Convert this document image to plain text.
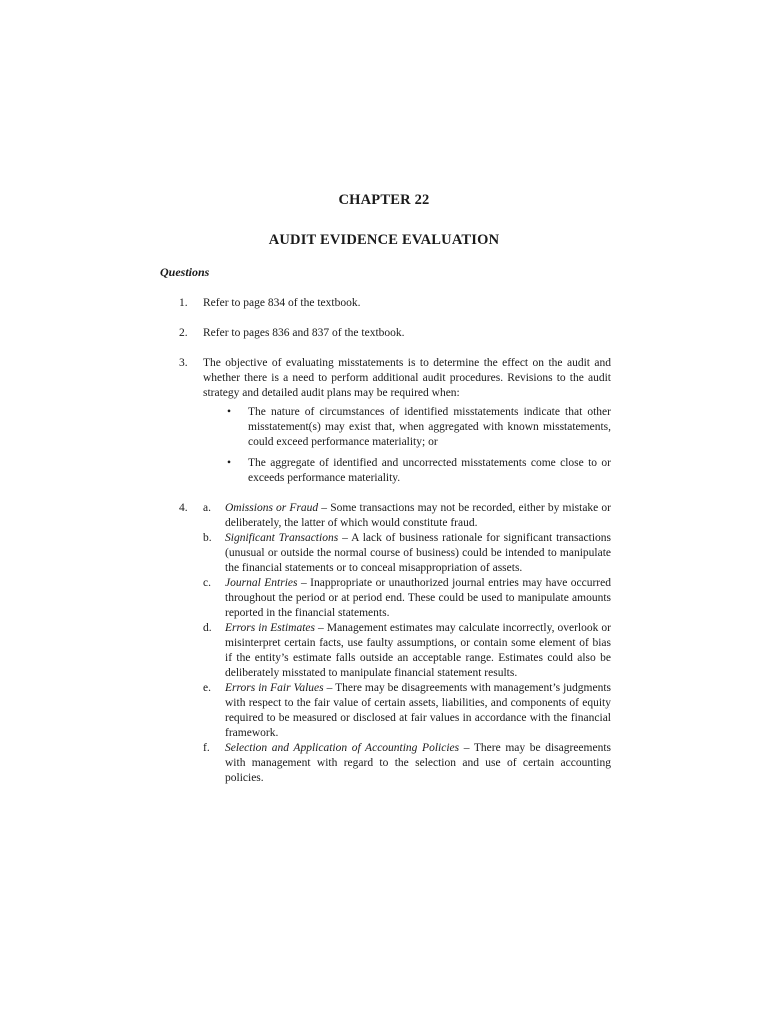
CHAPTER 22
AUDIT EVIDENCE EVALUATION
Questions
1. Refer to page 834 of the textbook.
2. Refer to pages 836 and 837 of the textbook.
3. The objective of evaluating misstatements is to determine the effect on the audit and whether there is a need to perform additional audit procedures. Revisions to the audit strategy and detailed audit plans may be required when:
• The nature of circumstances of identified misstatements indicate that other misstatement(s) may exist that, when aggregated with known misstatements, could exceed performance materiality; or
• The aggregate of identified and uncorrected misstatements come close to or exceeds performance materiality.
4. a. Omissions or Fraud – Some transactions may not be recorded, either by mistake or deliberately, the latter of which would constitute fraud.
b. Significant Transactions – A lack of business rationale for significant transactions (unusual or outside the normal course of business) could be intended to manipulate the financial statements or to conceal misappropriation of assets.
c. Journal Entries – Inappropriate or unauthorized journal entries may have occurred throughout the period or at period end. These could be used to manipulate amounts reported in the financial statements.
d. Errors in Estimates – Management estimates may calculate incorrectly, overlook or misinterpret certain facts, use faulty assumptions, or contain some element of bias if the entity’s estimate falls outside an acceptable range. Estimates could also be deliberately misstated to manipulate financial statement results.
e. Errors in Fair Values – There may be disagreements with management’s judgments with respect to the fair value of certain assets, liabilities, and components of equity required to be measured or disclosed at fair values in accordance with the financial framework.
f. Selection and Application of Accounting Policies – There may be disagreements with management with regard to the selection and use of certain accounting policies.
